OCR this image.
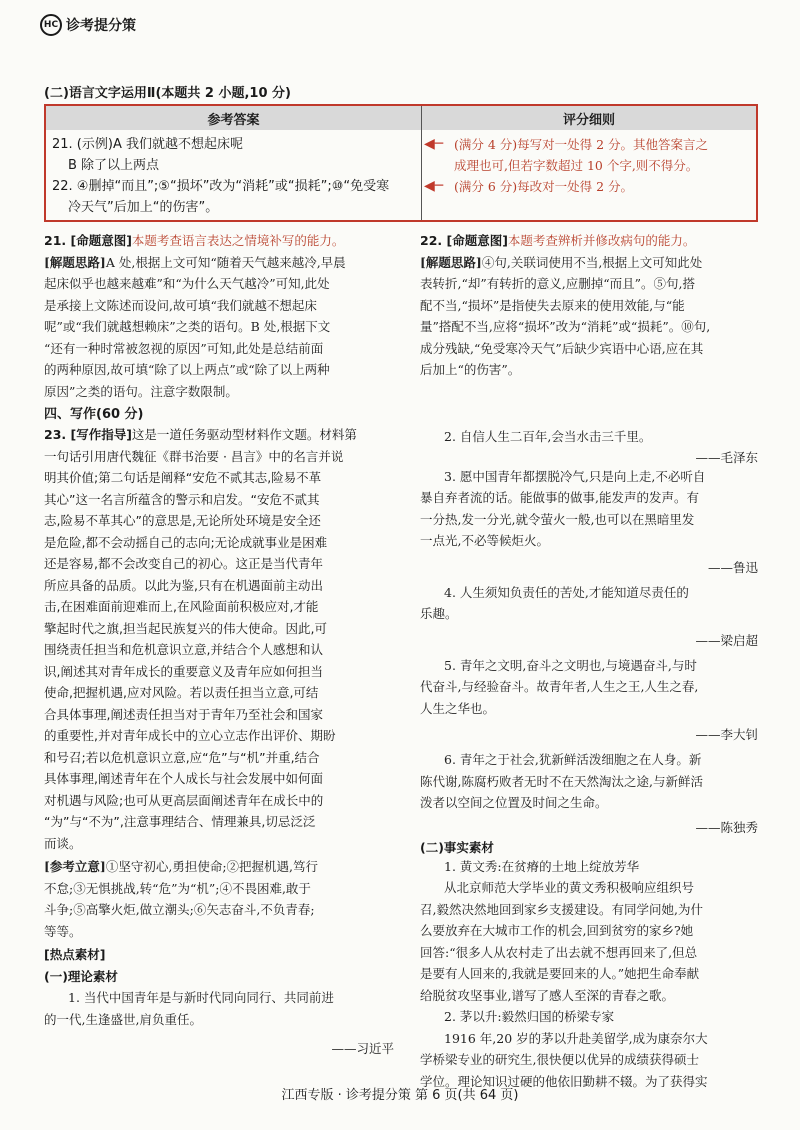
HC 诊考提分策
(二)语言文字运用Ⅱ(本题共 2 小题,10 分)
参考答案	评分细则
21. (示例)A 我们就越不想起床呢
B 除了以上两点
22. ④删掉“而且”;⑤“损坏”改为“消耗”或“损耗”;⑩“免受寒
冷天气”后加上“的伤害”。
◀─
◀─
(满分 4 分)每写对一处得 2 分。其他答案言之
成理也可,但若字数超过 10 个字,则不得分。
(满分 6 分)每改对一处得 2 分。
21. [命题意图]本题考查语言表达之情境补写的能力。
[解题思路]A 处,根据上文可知“随着天气越来越冷,早晨
起床似乎也越来越难”和“为什么天气越冷”可知,此处
是承接上文陈述而设问,故可填“我们就越不想起床
呢”或“我们就越想赖床”之类的语句。B 处,根据下文
“还有一种时常被忽视的原因”可知,此处是总结前面
的两种原因,故可填“除了以上两点”或“除了以上两种
原因”之类的语句。注意字数限制。
22. [命题意图]本题考查辨析并修改病句的能力。
[解题思路]④句,关联词使用不当,根据上文可知此处
表转折,“却”有转折的意义,应删掉“而且”。⑤句,搭
配不当,“损坏”是指使失去原来的使用效能,与“能
量”搭配不当,应将“损坏”改为“消耗”或“损耗”。⑩句,
成分残缺,“免受寒冷天气”后缺少宾语中心语,应在其
后加上“的伤害”。
四、写作(60 分)
23. [写作指导]这是一道任务驱动型材料作文题。材料第
一句话引用唐代魏征《群书治要 · 昌言》中的名言并说
明其价值;第二句话是阐释“安危不贰其志,险易不革
其心”这一名言所蕴含的警示和启发。“安危不贰其
志,险易不革其心”的意思是,无论所处环境是安全还
是危险,都不会动摇自己的志向;无论成就事业是困难
还是容易,都不会改变自己的初心。这正是当代青年
所应具备的品质。以此为鉴,只有在机遇面前主动出
击,在困难面前迎难而上,在风险面前积极应对,才能
擎起时代之旗,担当起民族复兴的伟大使命。因此,可
围绕责任担当和危机意识立意,并结合个人感想和认
识,阐述其对青年成长的重要意义及青年应如何担当
使命,把握机遇,应对风险。若以责任担当立意,可结
合具体事理,阐述责任担当对于青年乃至社会和国家
的重要性,并对青年成长中的立心立志作出评价、期盼
和号召;若以危机意识立意,应“危”与“机”并重,结合
具体事理,阐述青年在个人成长与社会发展中如何面
对机遇与风险;也可从更高层面阐述青年在成长中的
“为”与“不为”,注意事理结合、情理兼具,切忌泛泛
而谈。
[参考立意]①坚守初心,勇担使命;②把握机遇,笃行
不怠;③无惧挑战,转“危”为“机”;④不畏困难,敢于
斗争;⑤高擎火炬,做立潮头;⑥矢志奋斗,不负青春;
等等。
[热点素材]
(一)理论素材
1. 当代中国青年是与新时代同向同行、共同前进
的一代,生逢盛世,肩负重任。
——习近平
2. 自信人生二百年,会当水击三千里。
——毛泽东
3. 愿中国青年都摆脱冷气,只是向上走,不必听自
暴自弃者流的话。能做事的做事,能发声的发声。有
一分热,发一分光,就令萤火一般,也可以在黑暗里发
一点光,不必等候炬火。
——鲁迅
4. 人生须知负责任的苦处,才能知道尽责任的
乐趣。
——梁启超
5. 青年之文明,奋斗之文明也,与境遇奋斗,与时
代奋斗,与经验奋斗。故青年者,人生之王,人生之春,
人生之华也。
——李大钊
6. 青年之于社会,犹新鲜活泼细胞之在人身。新
陈代谢,陈腐朽败者无时不在天然淘汰之途,与新鲜活
泼者以空间之位置及时间之生命。
——陈独秀
(二)事实素材
1. 黄文秀:在贫瘠的土地上绽放芳华
从北京师范大学毕业的黄文秀积极响应组织号
召,毅然决然地回到家乡支援建设。有同学问她,为什
么要放弃在大城市工作的机会,回到贫穷的家乡?她
回答:“很多人从农村走了出去就不想再回来了,但总
是要有人回来的,我就是要回来的人。”她把生命奉献
给脱贫攻坚事业,谱写了感人至深的青春之歌。
2. 茅以升:毅然归国的桥梁专家
1916 年,20 岁的茅以升赴美留学,成为康奈尔大
学桥梁专业的研究生,很快便以优异的成绩获得硕士
学位。理论知识过硬的他依旧勤耕不辍。为了获得实
江西专版 · 诊考提分策 第 6 页(共 64 页)
